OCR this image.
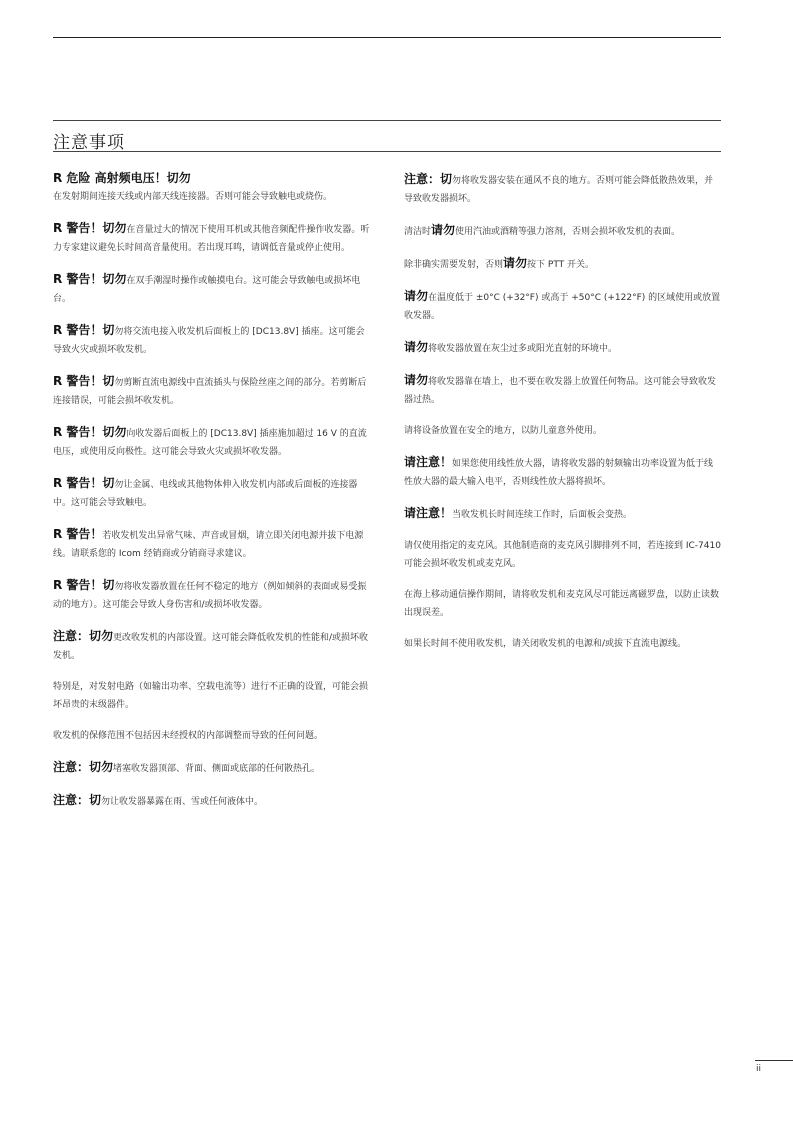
注意事项

R 危险 高射频电压！切勿
在发射期间连接天线或内部天线连接器。否则可能会导致触电或烧伤。

R 警告！切勿在音量过大的情况下使用耳机或其他音频配件操作收发器。听力专家建议避免长时间高音量使用。若出现耳鸣，请调低音量或停止使用。

R 警告！切勿在双手潮湿时操作或触摸电台。这可能会导致触电或损坏电台。

R 警告！切勿将交流电接入收发机后面板上的 [DC13.8V] 插座。这可能会导致火灾或损坏收发机。

R 警告！切勿剪断直流电源线中直流插头与保险丝座之间的部分。若剪断后连接错误，可能会损坏收发机。

R 警告！切勿向收发器后面板上的 [DC13.8V] 插座施加超过 16 V 的直流电压，或使用反向极性。这可能会导致火灾或损坏收发器。

R 警告！切勿让金属、电线或其他物体伸入收发机内部或后面板的连接器中。这可能会导致触电。

R 警告！若收发机发出异常气味、声音或冒烟，请立即关闭电源并拔下电源线。请联系您的 Icom 经销商或分销商寻求建议。

R 警告！切勿将收发器放置在任何不稳定的地方（例如倾斜的表面或易受振动的地方）。这可能会导致人身伤害和/或损坏收发器。

注意：切勿更改收发机的内部设置。这可能会降低收发机的性能和/或损坏收发机。

特别是，对发射电路（如输出功率、空载电流等）进行不正确的设置，可能会损坏昂贵的末级器件。

收发机的保修范围不包括因未经授权的内部调整而导致的任何问题。

注意：切勿堵塞收发器顶部、背面、侧面或底部的任何散热孔。

注意：切勿让收发器暴露在雨、雪或任何液体中。

注意：切勿将收发器安装在通风不良的地方。否则可能会降低散热效果，并导致收发器损坏。

清洁时请勿使用汽油或酒精等强力溶剂，否则会损坏收发机的表面。

除非确实需要发射，否则请勿按下 PTT 开关。

请勿在温度低于 ±0°C (+32°F) 或高于 +50°C (+122°F) 的区域使用或放置收发器。

请勿将收发器放置在灰尘过多或阳光直射的环境中。

请勿将收发器靠在墙上，也不要在收发器上放置任何物品。这可能会导致收发器过热。

请将设备放置在安全的地方，以防儿童意外使用。

请注意！如果您使用线性放大器，请将收发器的射频输出功率设置为低于线性放大器的最大输入电平，否则线性放大器将损坏。

请注意！当收发机长时间连续工作时，后面板会变热。

请仅使用指定的麦克风。其他制造商的麦克风引脚排列不同，若连接到 IC-7410 可能会损坏收发机或麦克风。

在海上移动通信操作期间，请将收发机和麦克风尽可能远离磁罗盘，以防止读数出现误差。

如果长时间不使用收发机，请关闭收发机的电源和/或拔下直流电源线。

ii
